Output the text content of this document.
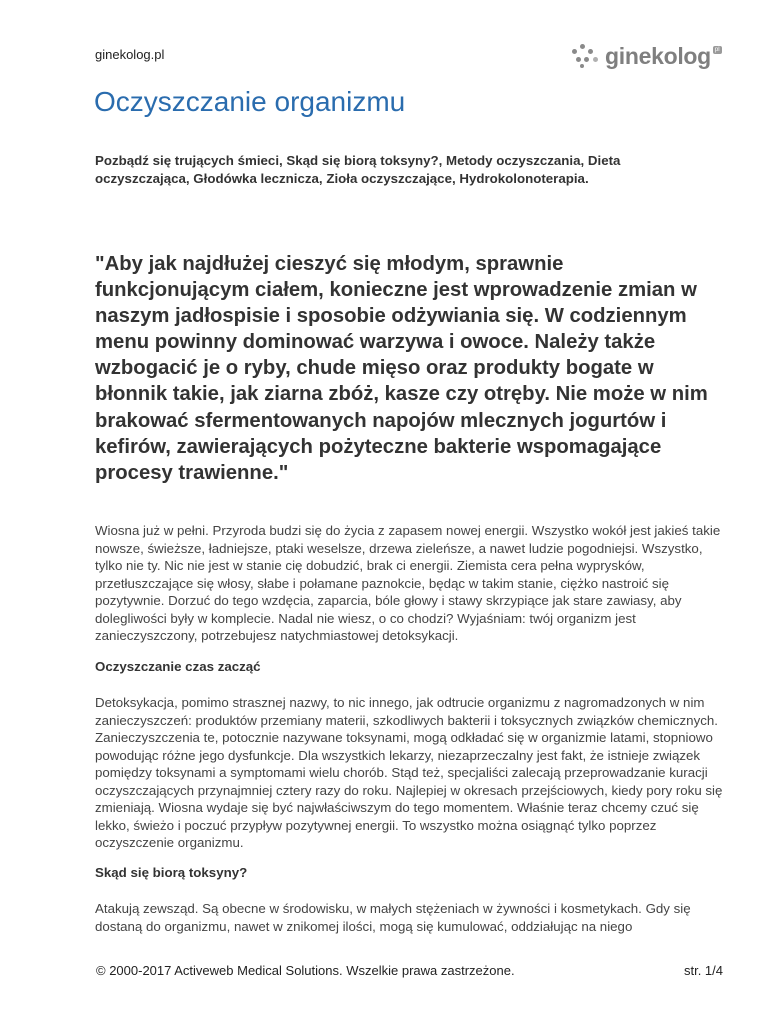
ginekolog.pl	ginekolog pl
Oczyszczanie organizmu
Pozbądź się trujących śmieci, Skąd się biorą toksyny?, Metody oczyszczania, Dieta oczyszczająca, Głodówka lecznicza, Zioła oczyszczające, Hydrokolonoterapia.
"Aby jak najdłużej cieszyć się młodym, sprawnie funkcjonującym ciałem, konieczne jest wprowadzenie zmian w naszym jadłospisie i sposobie odżywiania się. W codziennym menu powinny dominować warzywa i owoce. Należy także wzbogacić je o ryby, chude mięso oraz produkty bogate w błonnik takie, jak ziarna zbóż, kasze czy otręby. Nie może w nim brakować sfermentowanych napojów mlecznych jogurtów i kefirów, zawierających pożyteczne bakterie wspomagające procesy trawienne."
Wiosna już w pełni. Przyroda budzi się do życia z zapasem nowej energii. Wszystko wokół jest jakieś takie nowsze, świeższe, ładniejsze, ptaki weselsze, drzewa zieleńsze, a nawet ludzie pogodniejsi. Wszystko, tylko nie ty. Nic nie jest w stanie cię dobudzić, brak ci energii. Ziemista cera pełna wyprysków, przetłuszczające się włosy, słabe i połamane paznokcie, będąc w takim stanie, ciężko nastroić się pozytywnie. Dorzuć do tego wzdęcia, zaparcia, bóle głowy i stawy skrzypiące jak stare zawiasy, aby dolegliwości były w komplecie. Nadal nie wiesz, o co chodzi? Wyjaśniam: twój organizm jest zanieczyszczony, potrzebujesz natychmiastowej detoksykacji.
Oczyszczanie czas zacząć
Detoksykacja, pomimo strasznej nazwy, to nic innego, jak odtrucie organizmu z nagromadzonych w nim zanieczyszczeń: produktów przemiany materii, szkodliwych bakterii i toksycznych związków chemicznych. Zanieczyszczenia te, potocznie nazywane toksynami, mogą odkładać się w organizmie latami, stopniowo powodując różne jego dysfunkcje. Dla wszystkich lekarzy, niezaprzeczalny jest fakt, że istnieje związek pomiędzy toksynami a symptomami wielu chorób. Stąd też, specjaliści zalecają przeprowadzanie kuracji oczyszczających przynajmniej cztery razy do roku. Najlepiej w okresach przejściowych, kiedy pory roku się zmieniają. Wiosna wydaje się być najwłaściwszym do tego momentem. Właśnie teraz chcemy czuć się lekko, świeżo i poczuć przypływ pozytywnej energii. To wszystko można osiągnąć tylko poprzez oczyszczenie organizmu.
Skąd się biorą toksyny?
Atakują zewsząd. Są obecne w środowisku, w małych stężeniach w żywności i kosmetykach. Gdy się dostaną do organizmu, nawet w znikomej ilości, mogą się kumulować, oddziałując na niego
© 2000-2017 Activeweb Medical Solutions. Wszelkie prawa zastrzeżone.	str. 1/4
